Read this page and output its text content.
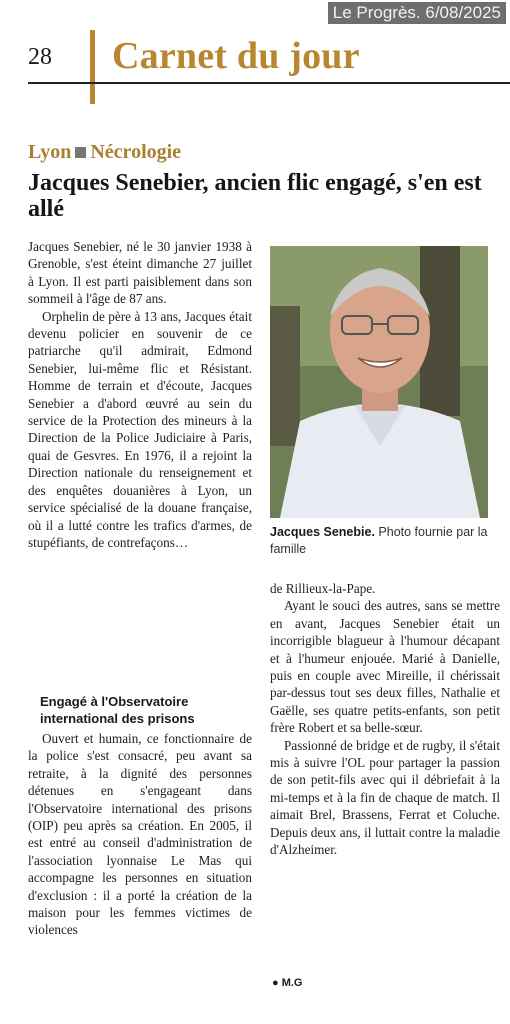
Le Progrès. 6/08/2025
28 Carnet du jour
Lyon Nécrologie
Jacques Senebier, ancien flic engagé, s'en est allé

Jacques Senebier, né le 30 janvier 1938 à Grenoble, s'est éteint dimanche 27 juillet à Lyon. Il est parti paisiblement dans son sommeil à l'âge de 87 ans.

Orphelin de père à 13 ans, Jacques était devenu policier en souvenir de ce patriarche qu'il admirait, Edmond Senebier, lui-même flic et Résistant. Homme de terrain et d'écoute, Jacques Senebier a d'abord œuvré au sein du service de la Protection des mineurs à la Direction de la Police Judiciaire à Paris, quai de Gesvres. En 1976, il a rejoint la Direction nationale du renseignement et des enquêtes douanières à Lyon, un service spécialisé de la douane française, où il a lutté contre les trafics d'armes, de stupéfiants, de contrefaçons…

Engagé à l'Observatoire international des prisons

Ouvert et humain, ce fonctionnaire de la police s'est consacré, peu avant sa retraite, à la dignité des personnes détenues en s'engageant dans l'Observatoire international des prisons (OIP) peu après sa création. En 2005, il est entré au conseil d'administration de l'association lyonnaise Le Mas qui accompagne les personnes en situation d'exclusion : il a porté la création de la maison pour les femmes victimes de violences

Jacques Senebie. Photo fournie par la famille

de Rillieux-la-Pape.

Ayant le souci des autres, sans se mettre en avant, Jacques Senebier était un incorrigible blagueur à l'humour décapant et à l'humeur enjouée. Marié à Danielle, puis en couple avec Mireille, il chérissait par-dessus tout ses deux filles, Nathalie et Gaëlle, ses quatre petits-enfants, son petit frère Robert et sa belle-sœur.

Passionné de bridge et de rugby, il s'était mis à suivre l'OL pour partager la passion de son petit-fils avec qui il débriefait à la mi-temps et à la fin de chaque de match. Il aimait Brel, Brassens, Ferrat et Coluche. Depuis deux ans, il luttait contre la maladie d'Alzheimer.

● M.G
